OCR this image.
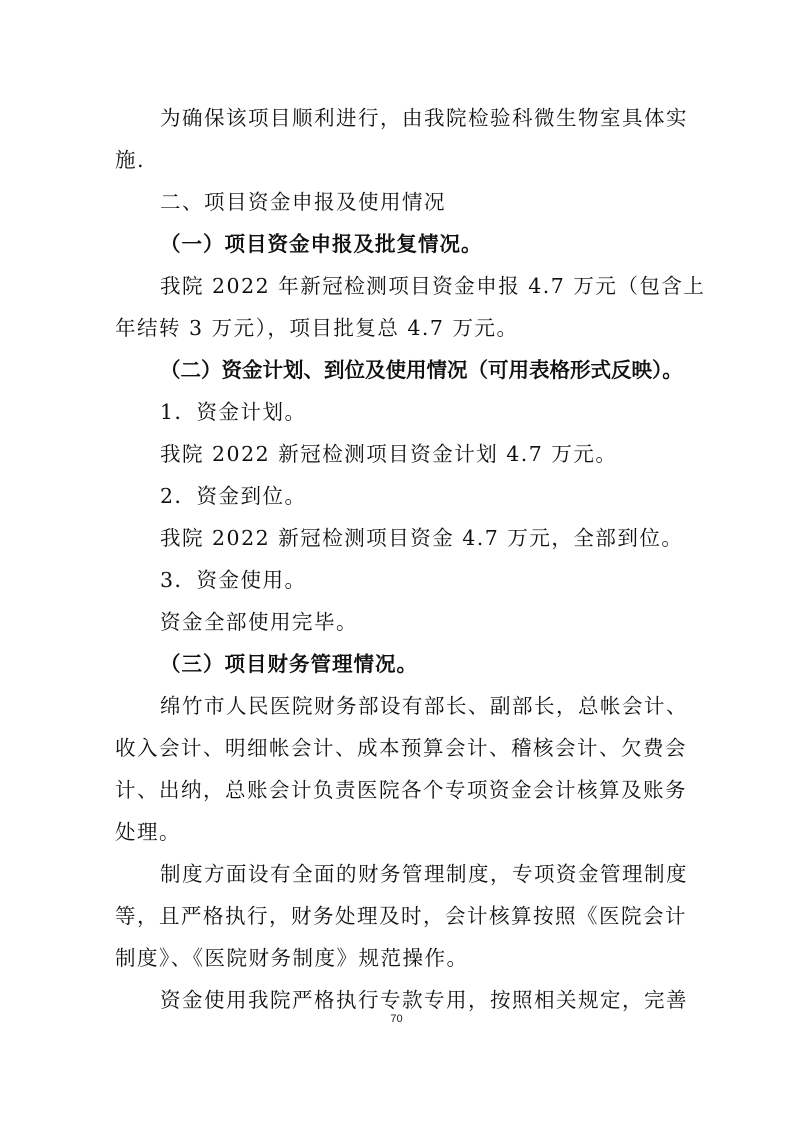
为确保该项目顺利进行，由我院检验科微生物室具体实
施.
二、项目资金申报及使用情况
（一）项目资金申报及批复情况。
我院 2022 年新冠检测项目资金申报 4.7 万元（包含上
年结转 3 万元），项目批复总 4.7 万元。
（二）资金计划、到位及使用情况（可用表格形式反映）。
1．资金计划。
我院 2022 新冠检测项目资金计划 4.7 万元。
2．资金到位。
我院 2022 新冠检测项目资金 4.7 万元，全部到位。
3．资金使用。
资金全部使用完毕。
（三）项目财务管理情况。
绵竹市人民医院财务部设有部长、副部长，总帐会计、
收入会计、明细帐会计、成本预算会计、稽核会计、欠费会
计、出纳，总账会计负责医院各个专项资金会计核算及账务
处理。
制度方面设有全面的财务管理制度，专项资金管理制度
等，且严格执行，财务处理及时，会计核算按照《医院会计
制度》、《医院财务制度》规范操作。
资金使用我院严格执行专款专用，按照相关规定，完善
70
